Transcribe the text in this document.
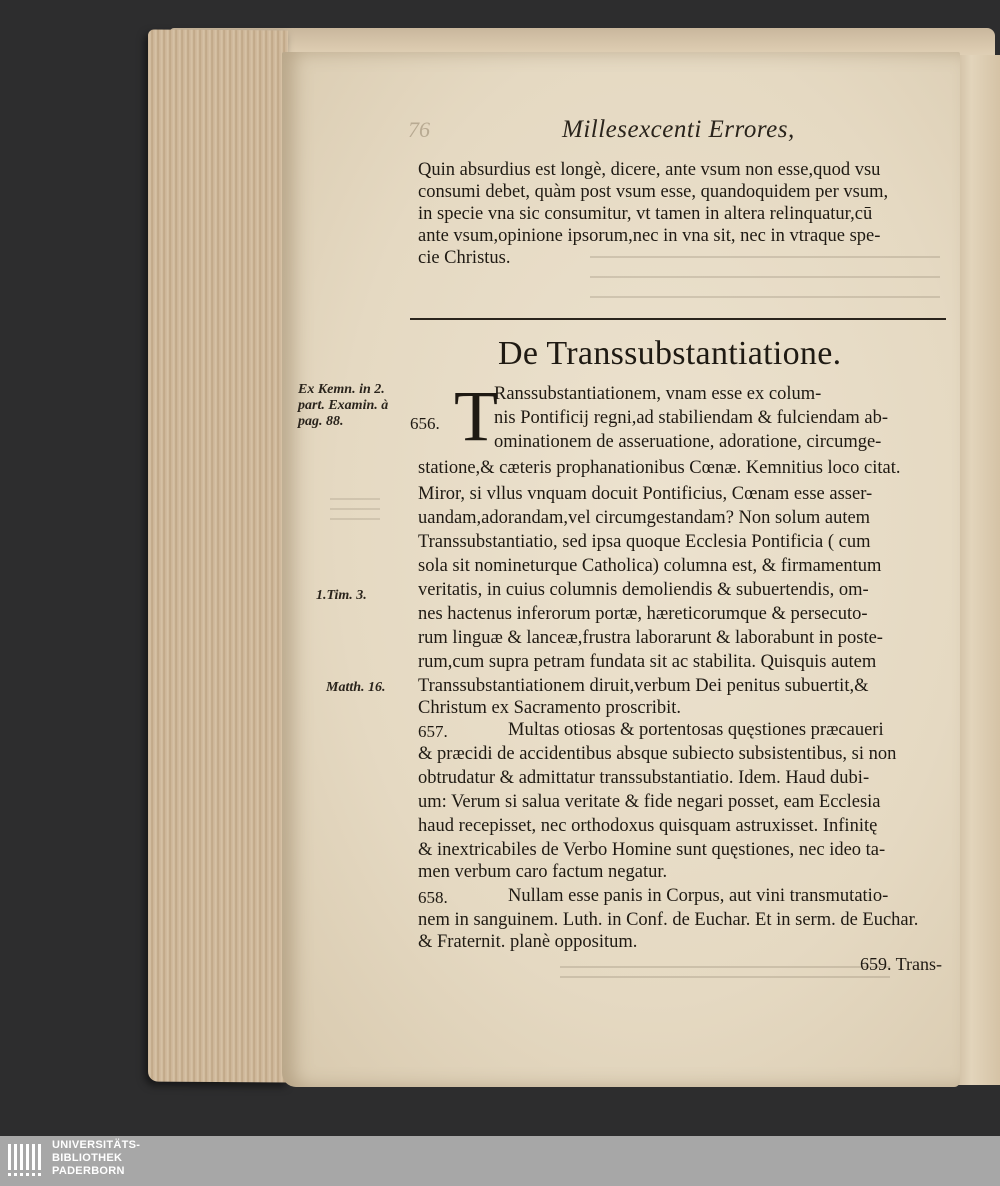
76	Millesexcenti Errores,
Quin absurdius est longè, dicere, ante vsum non esse,quod vsu
consumi debet, quàm post vsum esse, quandoquidem per vsum,
in specie vna sic consumitur, vt tamen in altera relinquatur,cū
ante vsum,opinione ipsorum,nec in vna sit, nec in vtraque spe-
cie Christus.
De Transsubstantiatione.
Ex Kemn. in 2.
part. Examin. à
pag. 88.
1.Tim. 3.
Matth. 16.
656. T
Ranssubstantiationem, vnam esse ex colum-
nis Pontificij regni,ad stabiliendam & fulciendam ab-
ominationem de asseruatione, adoratione, circumge-
statione,& cæteris prophanationibus Cœnæ. Kemnitius loco citat.
Miror, si vllus vnquam docuit Pontificius, Cœnam esse asser-
uandam,adorandam,vel circumgestandam? Non solum autem
Transsubstantiatio, sed ipsa quoque Ecclesia Pontificia ( cum
sola sit nomineturque Catholica) columna est, & firmamentum
veritatis, in cuius columnis demoliendis & subuertendis, om-
nes hactenus inferorum portæ, hæreticorumque & persecuto-
rum linguæ & lanceæ,frustra laborarunt & laborabunt in poste-
rum,cum supra petram fundata sit ac stabilita. Quisquis autem
Transsubstantiationem diruit,verbum Dei penitus subuertit,&
Christum ex Sacramento proscribit.
657.	Multas otiosas & portentosas quęstiones præcaueri
& præcidi de accidentibus absque subiecto subsistentibus, si non
obtrudatur & admittatur transsubstantiatio. Idem. Haud dubi-
um: Verum si salua veritate & fide negari posset, eam Ecclesia
haud recepisset, nec orthodoxus quisquam astruxisset. Infinitę
& inextricabiles de Verbo Homine sunt quęstiones, nec ideo ta-
men verbum caro factum negatur.
658.	Nullam esse panis in Corpus, aut vini transmutatio-
nem in sanguinem. Luth. in Conf. de Euchar. Et in serm. de Euchar.
& Fraternit. planè oppositum.
659. Trans-
UNIVERSITÄTS-
BIBLIOTHEK
PADERBORN
